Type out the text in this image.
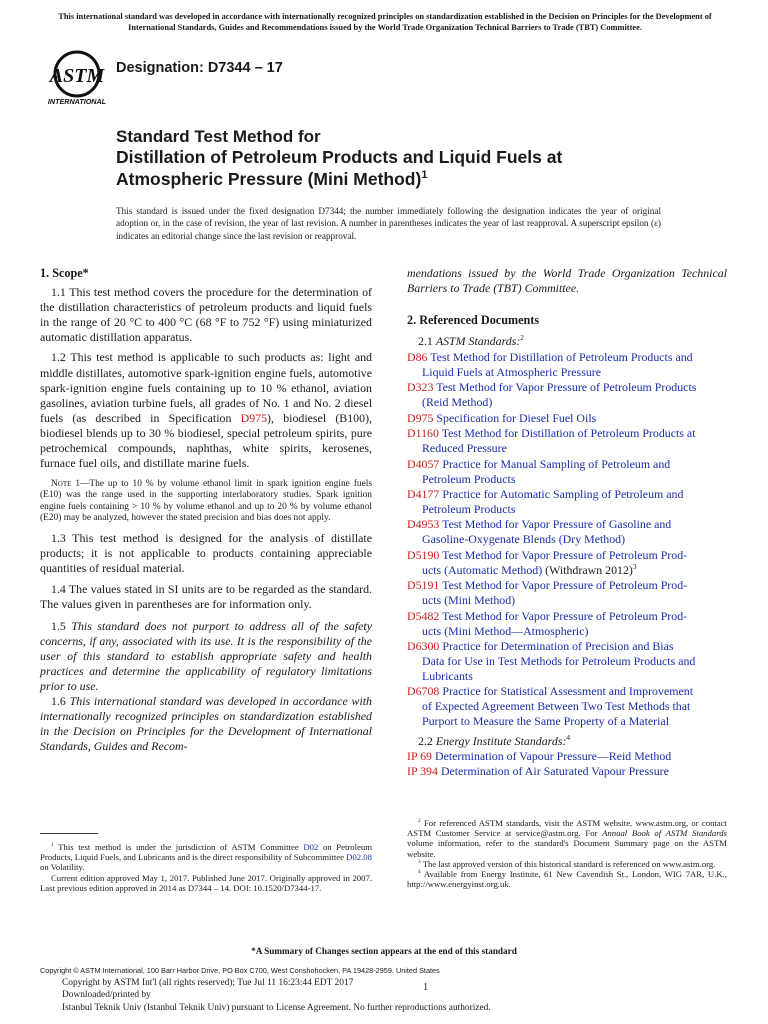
This international standard was developed in accordance with internationally recognized principles on standardization established in the Decision on Principles for the Development of International Standards, Guides and Recommendations issued by the World Trade Organization Technical Barriers to Trade (TBT) Committee.
ASTM
INTERNATIONAL
Designation: D7344 – 17
Standard Test Method for
Distillation of Petroleum Products and Liquid Fuels at
Atmospheric Pressure (Mini Method)$^1$
This standard is issued under the fixed designation D7344; the number immediately following the designation indicates the year of original adoption or, in the case of revision, the year of last revision. A number in parentheses indicates the year of last reapproval. A superscript epsilon (ε) indicates an editorial change since the last revision or reapproval.

1. Scope*

1.1 This test method covers the procedure for the determination of the distillation characteristics of petroleum products and liquid fuels in the range of 20 °C to 400 °C (68 °F to 752 °F) using miniaturized automatic distillation apparatus.

1.2 This test method is applicable to such products as: light and middle distillates, automotive spark-ignition engine fuels, automotive spark-ignition engine fuels containing up to 10 % ethanol, aviation gasolines, aviation turbine fuels, all grades of No. 1 and No. 2 diesel fuels (as described in Specification D975), biodiesel (B100), biodiesel blends up to 30 % biodiesel, special petroleum spirits, pure petrochemical compounds, naphthas, white spirits, kerosenes, furnace fuel oils, and distillate marine fuels.

Note 1—The up to 10 % by volume ethanol limit in spark ignition engine fuels (E10) was the range used in the supporting interlaboratory studies. Spark ignition engine fuels containing > 10 % by volume ethanol and up to 20 % by volume ethanol (E20) may be analyzed, however the stated precision and bias does not apply.

1.3 This test method is designed for the analysis of distillate products; it is not applicable to products containing appreciable quantities of residual material.

1.4 The values stated in SI units are to be regarded as the standard. The values given in parentheses are for information only.

1.5 This standard does not purport to address all of the safety concerns, if any, associated with its use. It is the responsibility of the user of this standard to establish appropriate safety and health practices and determine the applicability of regulatory limitations prior to use.

1.6 This international standard was developed in accordance with internationally recognized principles on standardization established in the Decision on Principles for the Development of International Standards, Guides and Recom-

$^1$ This test method is under the jurisdiction of ASTM Committee D02 on Petroleum Products, Liquid Fuels, and Lubricants and is the direct responsibility of Subcommittee D02.08 on Volatility.

Current edition approved May 1, 2017. Published June 2017. Originally approved in 2007. Last previous edition approved in 2014 as D7344 – 14. DOI: 10.1520/D7344-17.

mendations issued by the World Trade Organization Technical Barriers to Trade (TBT) Committee.

2. Referenced Documents

2.1 ASTM Standards:$^2$

D86 Test Method for Distillation of Petroleum Products and
Liquid Fuels at Atmospheric Pressure
D323 Test Method for Vapor Pressure of Petroleum Products
(Reid Method)
D975 Specification for Diesel Fuel Oils
D1160 Test Method for Distillation of Petroleum Products at
Reduced Pressure
D4057 Practice for Manual Sampling of Petroleum and
Petroleum Products
D4177 Practice for Automatic Sampling of Petroleum and
Petroleum Products
D4953 Test Method for Vapor Pressure of Gasoline and
Gasoline-Oxygenate Blends (Dry Method)
D5190 Test Method for Vapor Pressure of Petroleum Prod-
ucts (Automatic Method) (Withdrawn 2012)$^3$
D5191 Test Method for Vapor Pressure of Petroleum Prod-
ucts (Mini Method)
D5482 Test Method for Vapor Pressure of Petroleum Prod-
ucts (Mini Method—Atmospheric)
D6300 Practice for Determination of Precision and Bias
Data for Use in Test Methods for Petroleum Products and
Lubricants
D6708 Practice for Statistical Assessment and Improvement
of Expected Agreement Between Two Test Methods that
Purport to Measure the Same Property of a Material

2.2 Energy Institute Standards:$^4$

IP 69 Determination of Vapour Pressure—Reid Method
IP 394 Determination of Air Saturated Vapour Pressure

$^2$ For referenced ASTM standards, visit the ASTM website, www.astm.org, or contact ASTM Customer Service at service@astm.org. For Annual Book of ASTM Standards volume information, refer to the standard's Document Summary page on the ASTM website.

$^3$ The last approved version of this historical standard is referenced on www.astm.org.

$^4$ Available from Energy Institute, 61 New Cavendish St., London, WIG 7AR, U.K., http://www.energyinst.org.uk.

*A Summary of Changes section appears at the end of this standard
Copyright © ASTM International, 100 Barr Harbor Drive, PO Box C700, West Conshohocken, PA 19428-2959. United States
Copyright by ASTM Int'l (all rights reserved); Tue Jul 11 16:23:44 EDT 2017
Downloaded/printed by
Istanbul Teknik Univ (Istanbul Teknik Univ) pursuant to License Agreement. No further reproductions authorized.
1
